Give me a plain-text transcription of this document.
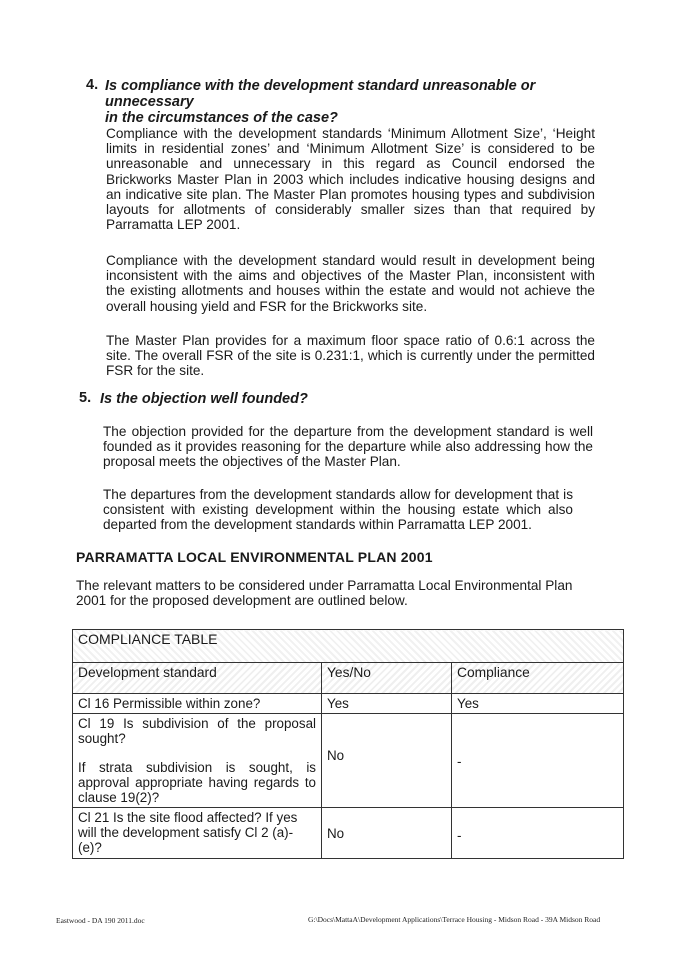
4. Is compliance with the development standard unreasonable or unnecessary
in the circumstances of the case?
Compliance with the development standards ‘Minimum Allotment Size’, ‘Height limits in residential zones’ and ‘Minimum Allotment Size’ is considered to be unreasonable and unnecessary in this regard as Council endorsed the Brickworks Master Plan in 2003 which includes indicative housing designs and an indicative site plan. The Master Plan promotes housing types and subdivision layouts for allotments of considerably smaller sizes than that required by Parramatta LEP 2001.
Compliance with the development standard would result in development being inconsistent with the aims and objectives of the Master Plan, inconsistent with the existing allotments and houses within the estate and would not achieve the overall housing yield and FSR for the Brickworks site.
The Master Plan provides for a maximum floor space ratio of 0.6:1 across the site. The overall FSR of the site is 0.231:1, which is currently under the permitted FSR for the site.
5. Is the objection well founded?
The objection provided for the departure from the development standard is well founded as it provides reasoning for the departure while also addressing how the proposal meets the objectives of the Master Plan.
The departures from the development standards allow for development that is consistent with existing development within the housing estate which also departed from the development standards within Parramatta LEP 2001.
PARRAMATTA LOCAL ENVIRONMENTAL PLAN 2001
The relevant matters to be considered under Parramatta Local Environmental Plan 2001 for the proposed development are outlined below.
COMPLIANCE TABLE		
Development standard	Yes/No	Compliance
Cl 16 Permissible within zone?	Yes	Yes

Cl 19 Is subdivision of the proposal sought?
If strata subdivision is sought, is approval appropriate having regards to clause 19(2)?	No	-
Cl 21 Is the site flood affected? If yes will the development satisfy Cl 2 (a)-(e)?	No	-
Eastwood - DA 190 2011.doc	G:\Docs\MattaA\Development Applications\Terrace Housing - Midson Road - 39A Midson Road
